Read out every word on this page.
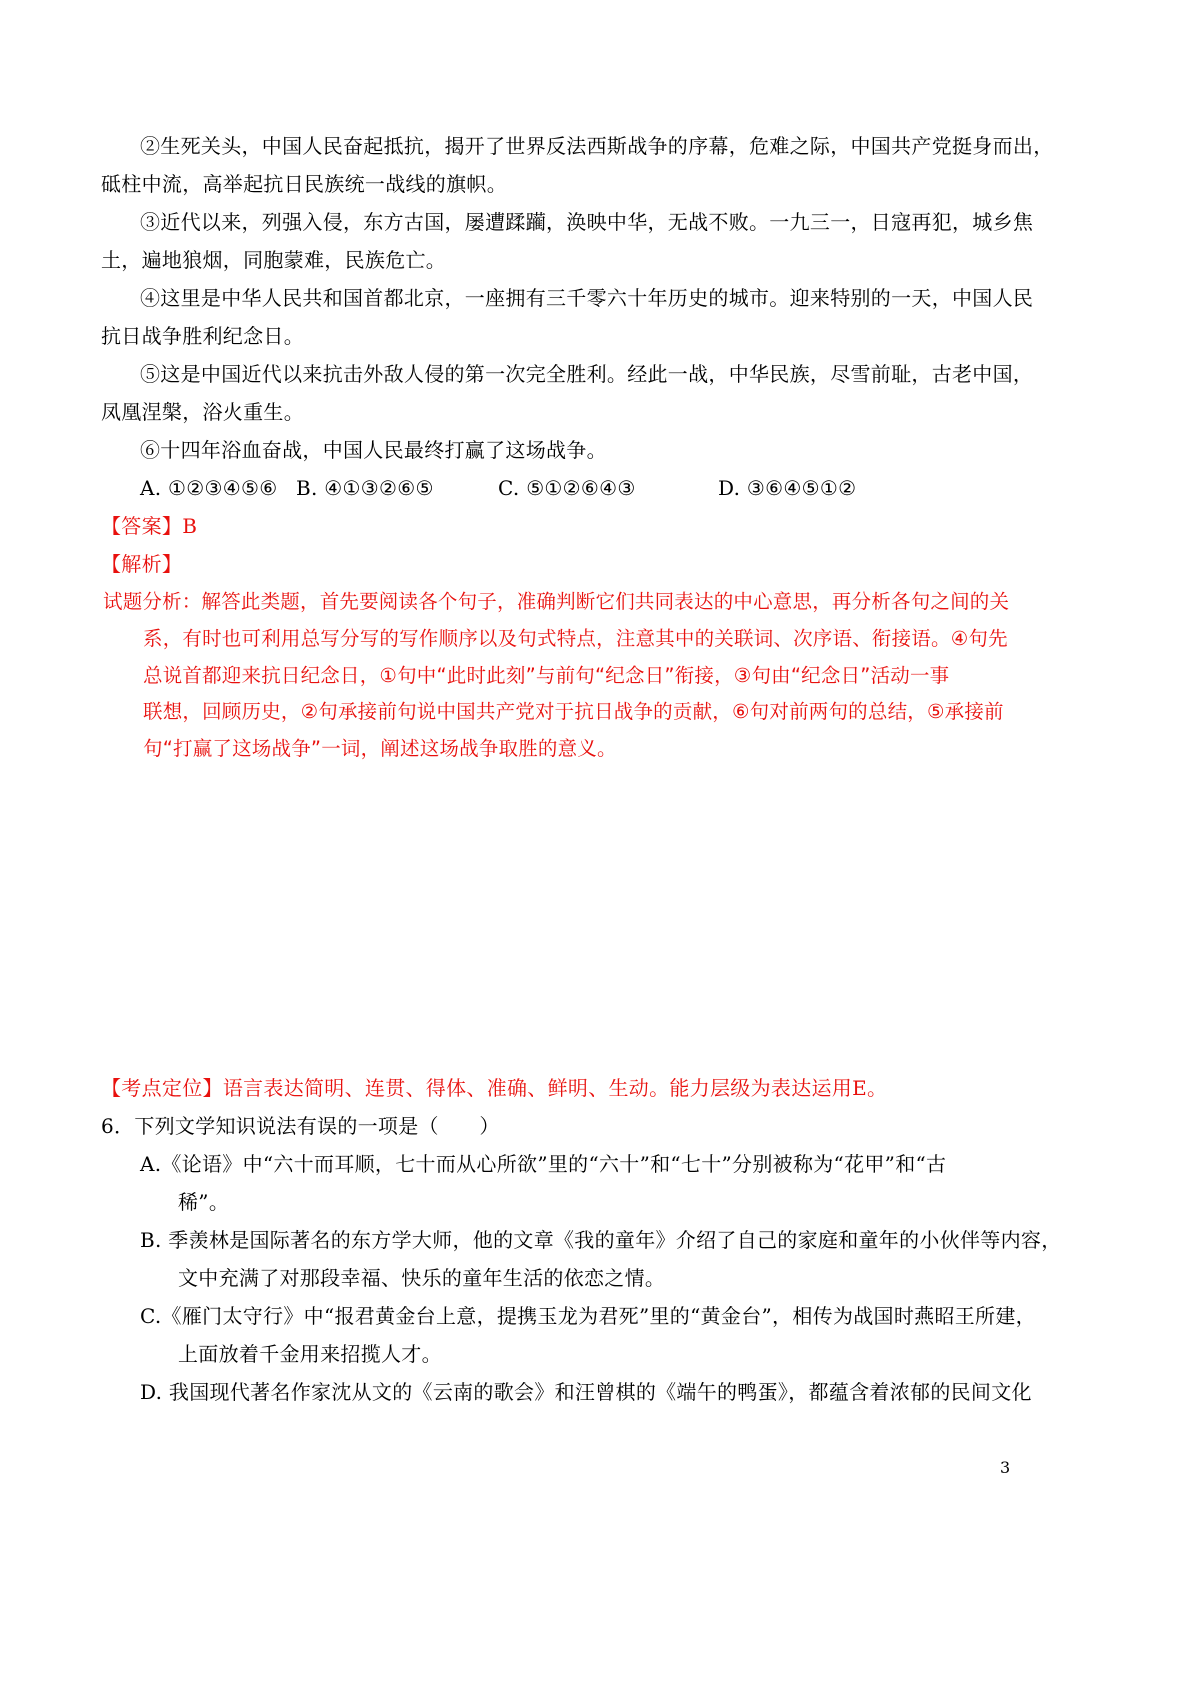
②生死关头，中国人民奋起抵抗，揭开了世界反法西斯战争的序幕，危难之际，中国共产党挺身而出，
砥柱中流，高举起抗日民族统一战线的旗帜。
③近代以来，列强入侵，东方古国，屡遭蹂躏，涣映中华，无战不败。一九三一，日寇再犯，城乡焦
土，遍地狼烟，同胞蒙难，民族危亡。
④这里是中华人民共和国首都北京，一座拥有三千零六十年历史的城市。迎来特别的一天，中国人民
抗日战争胜利纪念日。
⑤这是中国近代以来抗击外敌人侵的第一次完全胜利。经此一战，中华民族，尽雪前耻，古老中国，
凤凰涅槃，浴火重生。
⑥十四年浴血奋战，中国人民最终打赢了这场战争。
A. ①②③④⑤⑥ B. ④①③②⑥⑤	C. ⑤①②⑥④③	D. ③⑥④⑤①②
【答案】B
【解析】
试题分析：解答此类题，首先要阅读各个句子，准确判断它们共同表达的中心意思，再分析各句之间的关
系，有时也可利用总写分写的写作顺序以及句式特点，注意其中的关联词、次序语、衔接语。④句先
总说首都迎来抗日纪念日，①句中“此时此刻”与前句“纪念日”衔接，③句由“纪念日”活动一事
联想，回顾历史，②句承接前句说中国共产党对于抗日战争的贡献，⑥句对前两句的总结，⑤承接前
句“打赢了这场战争”一词，阐述这场战争取胜的意义。
【考点定位】语言表达简明、连贯、得体、准确、鲜明、生动。能力层级为表达运用E。
6．下列文学知识说法有误的一项是（　　）
A.《论语》中“六十而耳顺，七十而从心所欲”里的“六十”和“七十”分别被称为“花甲”和“古
稀”。
B. 季羡林是国际著名的东方学大师，他的文章《我的童年》介绍了自己的家庭和童年的小伙伴等内容，
文中充满了对那段幸福、快乐的童年生活的依恋之情。
C.《雁门太守行》中“报君黄金台上意，提携玉龙为君死”里的“黄金台”，相传为战国时燕昭王所建，
上面放着千金用来招揽人才。
D. 我国现代著名作家沈从文的《云南的歌会》和汪曾棋的《端午的鸭蛋》，都蕴含着浓郁的民间文化
3
